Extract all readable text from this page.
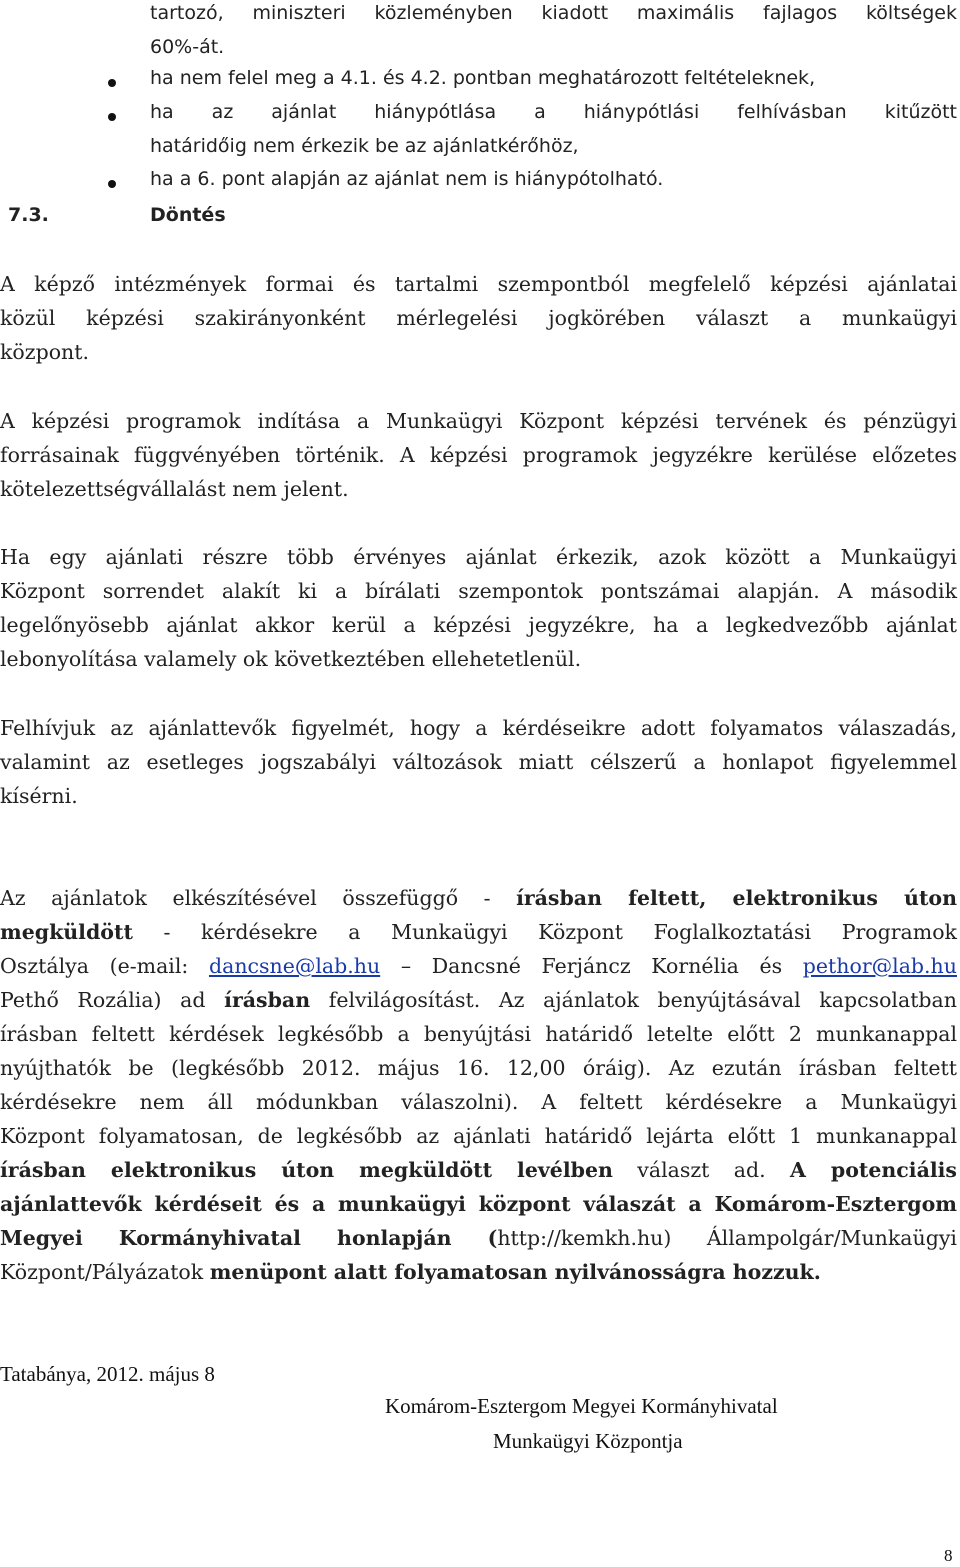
tartozó, miniszteri közleményben kiadott maximális fajlagos költségek
60%-át.
ha nem felel meg a 4.1. és 4.2. pontban meghatározott feltételeknek,
ha az ajánlat hiánypótlása a hiánypótlási felhívásban kitűzött
határidőig nem érkezik be az ajánlatkérőhöz,
ha a 6. pont alapján az ajánlat nem is hiánypótolható.
7.3.	Döntés
A képző intézmények formai és tartalmi szempontból megfelelő képzési ajánlatai
közül képzési szakirányonként mérlegelési jogkörében választ a munkaügyi
központ.
A képzési programok indítása a Munkaügyi Központ képzési tervének és pénzügyi
forrásainak függvényében történik. A képzési programok jegyzékre kerülése előzetes
kötelezettségvállalást nem jelent.
Ha egy ajánlati részre több érvényes ajánlat érkezik, azok között a Munkaügyi
Központ sorrendet alakít ki a bírálati szempontok pontszámai alapján. A második
legelőnyösebb ajánlat akkor kerül a képzési jegyzékre, ha a legkedvezőbb ajánlat
lebonyolítása valamely ok következtében ellehetetlenül.
Felhívjuk az ajánlattevők figyelmét, hogy a kérdéseikre adott folyamatos válaszadás,
valamint az esetleges jogszabályi változások miatt célszerű a honlapot figyelemmel
kísérni.
Az ajánlatok elkészítésével összefüggő - írásban feltett, elektronikus úton
megküldött - kérdésekre a Munkaügyi Központ Foglalkoztatási Programok
Osztálya (e-mail: dancsne@lab.hu – Dancsné Ferjáncz Kornélia és pethor@lab.hu
Pethő Rozália) ad írásban felvilágosítást. Az ajánlatok benyújtásával kapcsolatban
írásban feltett kérdések legkésőbb a benyújtási határidő letelte előtt 2 munkanappal
nyújthatók be (legkésőbb 2012. május 16. 12,00 óráig). Az ezután írásban feltett
kérdésekre nem áll módunkban válaszolni). A feltett kérdésekre a Munkaügyi
Központ folyamatosan, de legkésőbb az ajánlati határidő lejárta előtt 1 munkanappal
írásban elektronikus úton megküldött levélben választ ad. A potenciális
ajánlattevők kérdéseit és a munkaügyi központ válaszát a Komárom-Esztergom
Megyei Kormányhivatal honlapján (http://kemkh.hu) Állampolgár/Munkaügyi
Központ/Pályázatok menüpont alatt folyamatosan nyilvánosságra hozzuk.
Tatabánya, 2012. május 8
Komárom-Esztergom Megyei Kormányhivatal
Munkaügyi Központja
8
